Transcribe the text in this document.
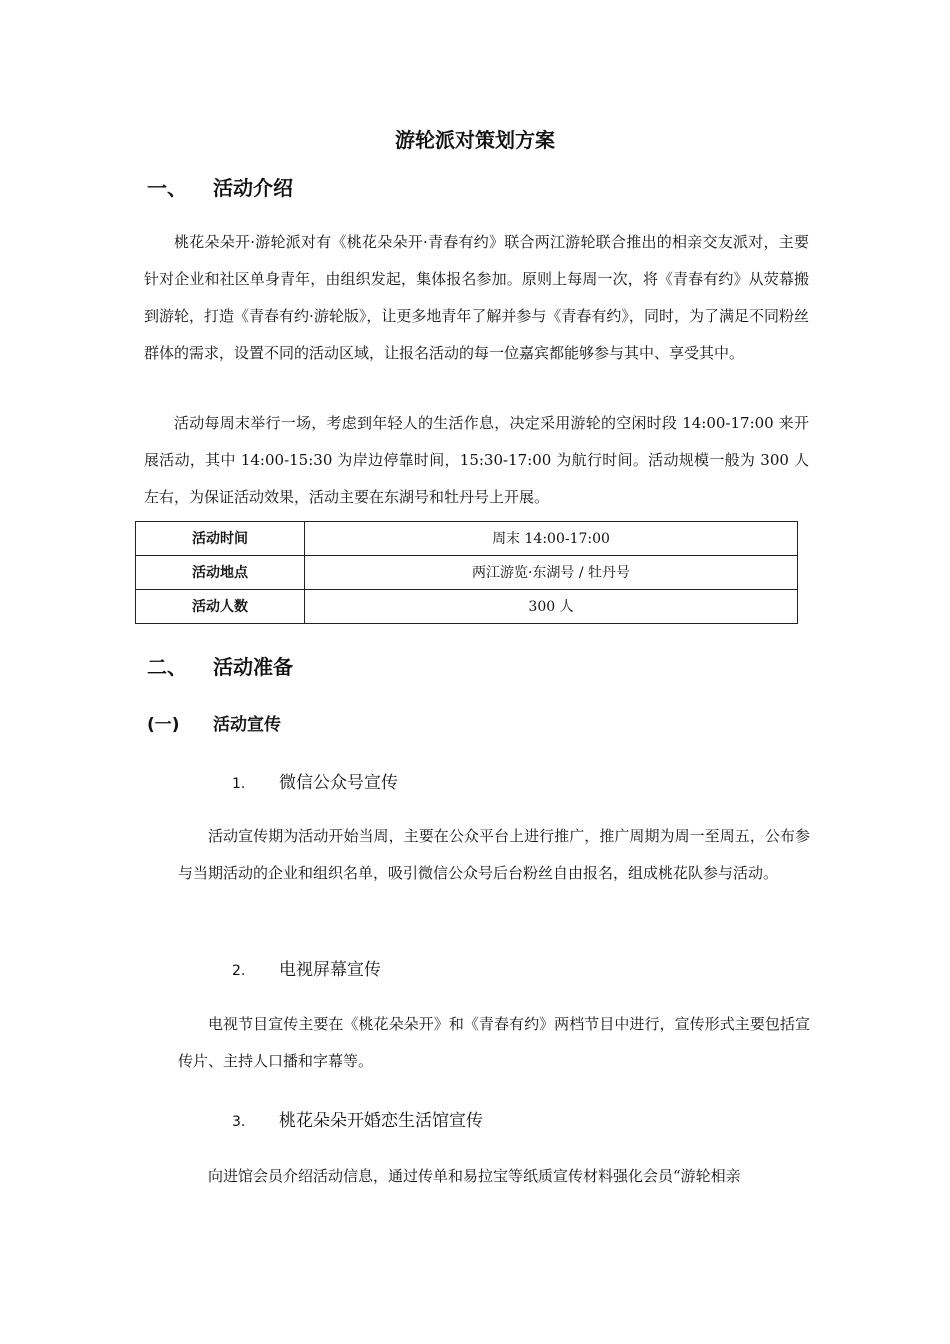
游轮派对策划方案
一、 活动介绍

桃花朵朵开·游轮派对有《桃花朵朵开·青春有约》联合两江游轮联合推出的相亲交友派对，主要针对企业和社区单身青年，由组织发起，集体报名参加。原则上每周一次，将《青春有约》从荧幕搬到游轮，打造《青春有约·游轮版》，让更多地青年了解并参与《青春有约》，同时，为了满足不同粉丝群体的需求，设置不同的活动区域，让报名活动的每一位嘉宾都能够参与其中、享受其中。

活动每周末举行一场，考虑到年轻人的生活作息，决定采用游轮的空闲时段 14:00-17:00 来开展活动，其中 14:00-15:30 为岸边停靠时间，15:30-17:00 为航行时间。活动规模一般为 300 人左右，为保证活动效果，活动主要在东湖号和牡丹号上开展。

活动时间	周末 14:00-17:00
活动地点	两江游览·东湖号 / 牡丹号
活动人数	300 人
二、 活动准备
(一) 活动宣传
1. 微信公众号宣传

活动宣传期为活动开始当周，主要在公众平台上进行推广，推广周期为周一至周五，公布参与当期活动的企业和组织名单，吸引微信公众号后台粉丝自由报名，组成桃花队参与活动。

2. 电视屏幕宣传

电视节目宣传主要在《桃花朵朵开》和《青春有约》两档节目中进行，宣传形式主要包括宣传片、主持人口播和字幕等。

3. 桃花朵朵开婚恋生活馆宣传

向进馆会员介绍活动信息，通过传单和易拉宝等纸质宣传材料强化会员“游轮相亲
